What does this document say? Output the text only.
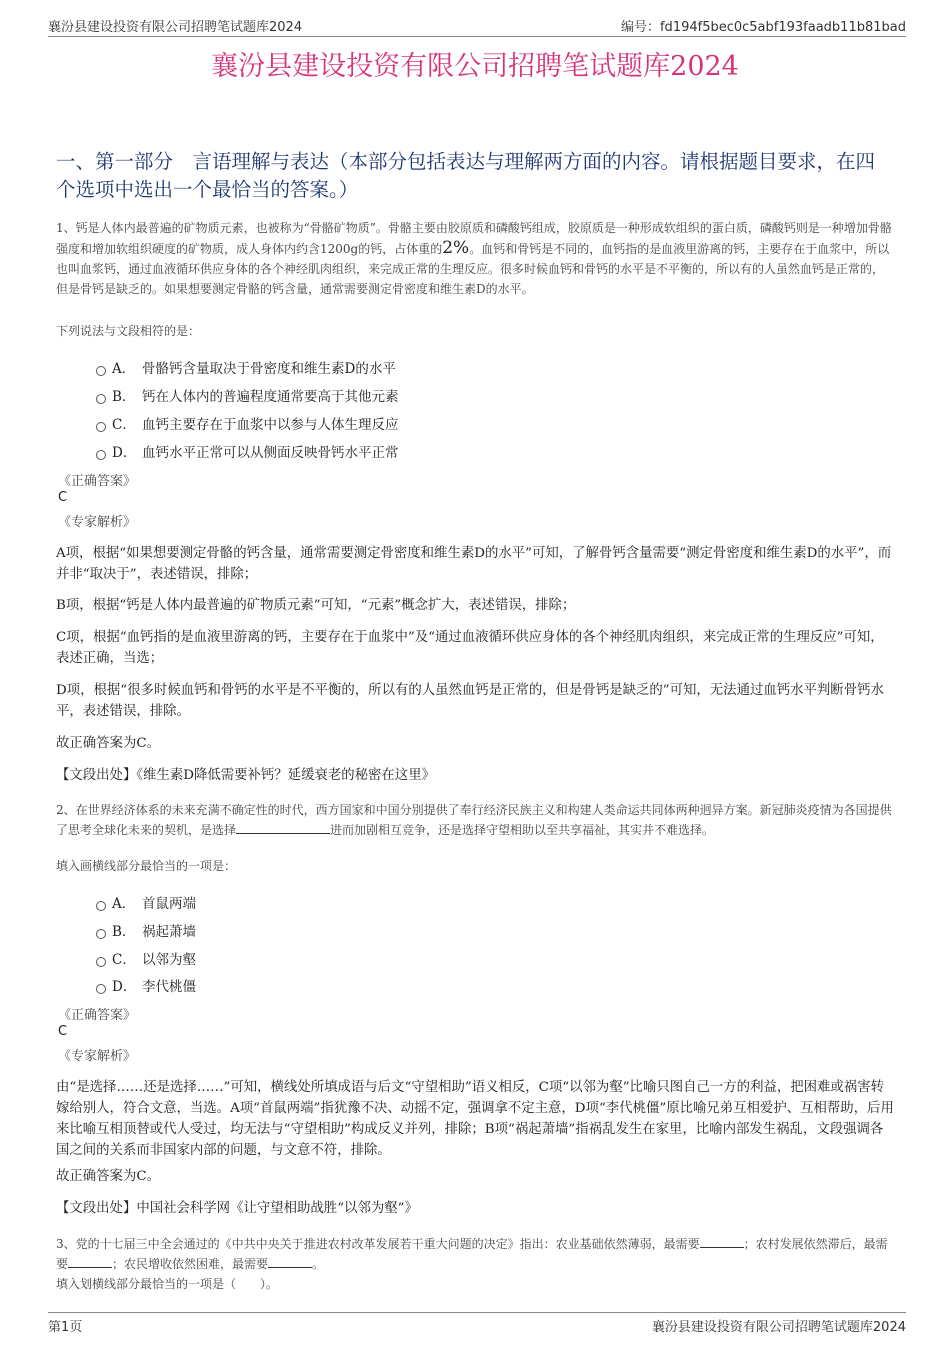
襄汾县建设投资有限公司招聘笔试题库2024	编号：fd194f5bec0c5abf193faadb11b81bad
襄汾县建设投资有限公司招聘笔试题库2024
一、第一部分　言语理解与表达（本部分包括表达与理解两方面的内容。请根据题目要求，在四个选项中选出一个最恰当的答案。）
1、钙是人体内最普遍的矿物质元素，也被称为“骨骼矿物质”。骨骼主要由胶原质和磷酸钙组成，胶原质是一种形成软组织的蛋白质，磷酸钙则是一种增加骨骼强度和增加软组织硬度的矿物质，成人身体内约含1200g的钙，占体重的2%。血钙和骨钙是不同的，血钙指的是血液里游离的钙，主要存在于血浆中，所以也叫血浆钙，通过血液循环供应身体的各个神经肌肉组织，来完成正常的生理反应。很多时候血钙和骨钙的水平是不平衡的，所以有的人虽然血钙是正常的，但是骨钙是缺乏的。如果想要测定骨骼的钙含量，通常需要测定骨密度和维生素D的水平。
下列说法与文段相符的是：
A． 骨骼钙含量取决于骨密度和维生素D的水平
B． 钙在人体内的普遍程度通常要高于其他元素
C． 血钙主要存在于血浆中以参与人体生理反应
D． 血钙水平正常可以从侧面反映骨钙水平正常
《正确答案》
C
《专家解析》
A项，根据“如果想要测定骨骼的钙含量，通常需要测定骨密度和维生素D的水平”可知，了解骨钙含量需要“测定骨密度和维生素D的水平”，而并非“取决于”，表述错误，排除；
B项，根据“钙是人体内最普遍的矿物质元素”可知，“元素”概念扩大，表述错误，排除；
C项，根据“血钙指的是血液里游离的钙，主要存在于血浆中”及“通过血液循环供应身体的各个神经肌肉组织，来完成正常的生理反应”可知，表述正确，当选；
D项，根据“很多时候血钙和骨钙的水平是不平衡的，所以有的人虽然血钙是正常的，但是骨钙是缺乏的”可知，无法通过血钙水平判断骨钙水平，表述错误，排除。
故正确答案为C。
【文段出处】《维生素D降低需要补钙？延缓衰老的秘密在这里》
2、在世界经济体系的未来充满不确定性的时代，西方国家和中国分别提供了奉行经济民族主义和构建人类命运共同体两种迥异方案。新冠肺炎疫情为各国提供了思考全球化未来的契机，是选择	进而加剧相互竞争，还是选择守望相助以至共享福祉，其实并不难选择。
填入画横线部分最恰当的一项是：
A． 首鼠两端
B． 祸起萧墙
C． 以邻为壑
D． 李代桃僵
《正确答案》
C
《专家解析》
由“是选择……还是选择……”可知，横线处所填成语与后文“守望相助”语义相反，C项“以邻为壑”比喻只图自己一方的利益，把困难或祸害转嫁给别人，符合文意，当选。A项“首鼠两端”指犹豫不决、动摇不定，强调拿不定主意，D项“李代桃僵”原比喻兄弟互相爱护、互相帮助，后用来比喻互相顶替或代人受过，均无法与“守望相助”构成反义并列，排除；B项“祸起萧墙”指祸乱发生在家里，比喻内部发生祸乱，文段强调各国之间的关系而非国家内部的问题，与文意不符，排除。
故正确答案为C。
【文段出处】中国社会科学网《让守望相助战胜“以邻为壑”》
3、党的十七届三中全会通过的《中共中央关于推进农村改革发展若干重大问题的决定》指出：农业基础依然薄弱，最需要	；农村发展依然滞后，最需要	；农民增收依然困难，最需要	。
填入划横线部分最恰当的一项是（　　）。
第1页	襄汾县建设投资有限公司招聘笔试题库2024
